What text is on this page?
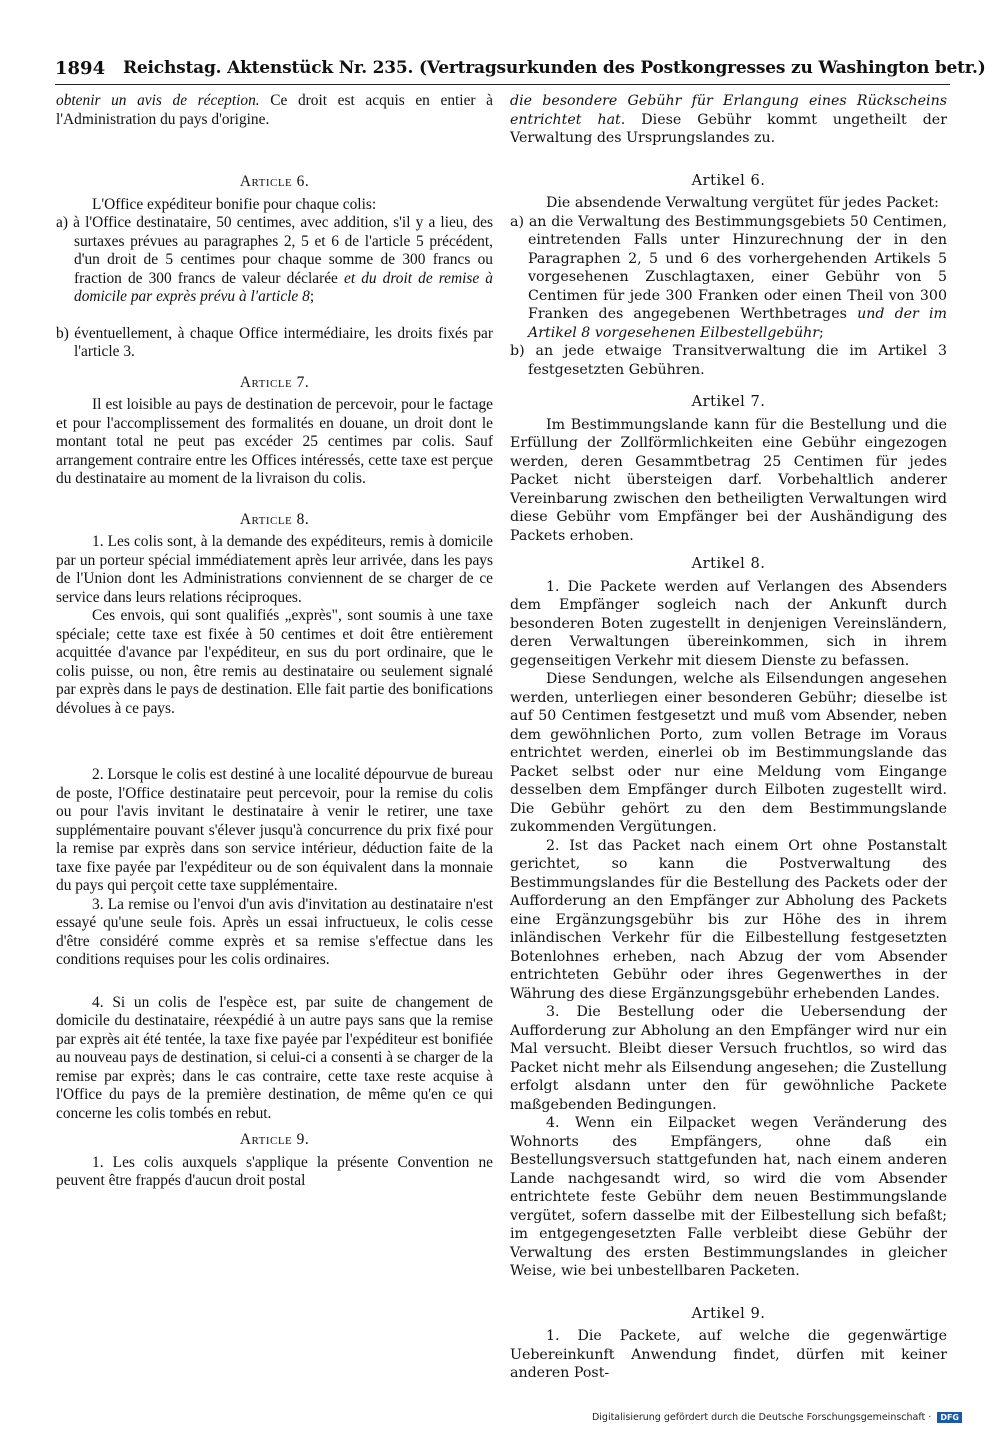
1894 Reichstag. Aktenstück Nr. 235. (Vertragsurkunden des Postkongresses zu Washington betr.)

obtenir un avis de réception. Ce droit est acquis en entier à l'Administration du pays d'origine.

Article 6.

L'Office expéditeur bonifie pour chaque colis:

a) à l'Office destinataire, 50 centimes, avec addition, s'il y a lieu, des surtaxes prévues au paragraphes 2, 5 et 6 de l'article 5 précédent, d'un droit de 5 centimes pour chaque somme de 300 francs ou fraction de 300 francs de valeur déclarée et du droit de remise à domicile par exprès prévu à l'article 8;

b) éventuellement, à chaque Office intermédiaire, les droits fixés par l'article 3.

Article 7.

Il est loisible au pays de destination de percevoir, pour le factage et pour l'accomplissement des formalités en douane, un droit dont le montant total ne peut pas excéder 25 centimes par colis. Sauf arrangement contraire entre les Offices intéressés, cette taxe est perçue du destinataire au moment de la livraison du colis.

Article 8.

1. Les colis sont, à la demande des expéditeurs, remis à domicile par un porteur spécial immédiatement après leur arrivée, dans les pays de l'Union dont les Administrations conviennent de se charger de ce service dans leurs relations réciproques.

Ces envois, qui sont qualifiés „exprès", sont soumis à une taxe spéciale; cette taxe est fixée à 50 centimes et doit être entièrement acquittée d'avance par l'expéditeur, en sus du port ordinaire, que le colis puisse, ou non, être remis au destinataire ou seulement signalé par exprès dans le pays de destination. Elle fait partie des bonifications dévolues à ce pays.

2. Lorsque le colis est destiné à une localité dépourvue de bureau de poste, l'Office destinataire peut percevoir, pour la remise du colis ou pour l'avis invitant le destinataire à venir le retirer, une taxe supplémentaire pouvant s'élever jusqu'à concurrence du prix fixé pour la remise par exprès dans son service intérieur, déduction faite de la taxe fixe payée par l'expéditeur ou de son équivalent dans la monnaie du pays qui perçoit cette taxe supplémentaire.

3. La remise ou l'envoi d'un avis d'invitation au destinataire n'est essayé qu'une seule fois. Après un essai infructueux, le colis cesse d'être considéré comme exprès et sa remise s'effectue dans les conditions requises pour les colis ordinaires.

4. Si un colis de l'espèce est, par suite de changement de domicile du destinataire, réexpédié à un autre pays sans que la remise par exprès ait été tentée, la taxe fixe payée par l'expéditeur est bonifiée au nouveau pays de destination, si celui-ci a consenti à se charger de la remise par exprès; dans le cas contraire, cette taxe reste acquise à l'Office du pays de la première destination, de même qu'en ce qui concerne les colis tombés en rebut.

Article 9.

1. Les colis auxquels s'applique la présente Convention ne peuvent être frappés d'aucun droit postal

die besondere Gebühr für Erlangung eines Rückscheins entrichtet hat. Diese Gebühr kommt ungetheilt der Verwaltung des Ursprungslandes zu.

Artikel 6.

Die absendende Verwaltung vergütet für jedes Packet:

a) an die Verwaltung des Bestimmungsgebiets 50 Centimen, eintretenden Falls unter Hinzurechnung der in den Paragraphen 2, 5 und 6 des vorhergehenden Artikels 5 vorgesehenen Zuschlagtaxen, einer Gebühr von 5 Centimen für jede 300 Franken oder einen Theil von 300 Franken des angegebenen Werthbetrages und der im Artikel 8 vorgesehenen Eilbestellgebühr;

b) an jede etwaige Transitverwaltung die im Artikel 3 festgesetzten Gebühren.

Artikel 7.

Im Bestimmungslande kann für die Bestellung und die Erfüllung der Zollförmlichkeiten eine Gebühr eingezogen werden, deren Gesammtbetrag 25 Centimen für jedes Packet nicht übersteigen darf. Vorbehaltlich anderer Vereinbarung zwischen den betheiligten Verwaltungen wird diese Gebühr vom Empfänger bei der Aushändigung des Packets erhoben.

Artikel 8.

1. Die Packete werden auf Verlangen des Absenders dem Empfänger sogleich nach der Ankunft durch besonderen Boten zugestellt in denjenigen Vereinsländern, deren Verwaltungen übereinkommen, sich in ihrem gegenseitigen Verkehr mit diesem Dienste zu befassen.

Diese Sendungen, welche als Eilsendungen angesehen werden, unterliegen einer besonderen Gebühr; dieselbe ist auf 50 Centimen festgesetzt und muß vom Absender, neben dem gewöhnlichen Porto, zum vollen Betrage im Voraus entrichtet werden, einerlei ob im Bestimmungslande das Packet selbst oder nur eine Meldung vom Eingange desselben dem Empfänger durch Eilboten zugestellt wird. Die Gebühr gehört zu den dem Bestimmungslande zukommenden Vergütungen.

2. Ist das Packet nach einem Ort ohne Postanstalt gerichtet, so kann die Postverwaltung des Bestimmungslandes für die Bestellung des Packets oder der Aufforderung an den Empfänger zur Abholung des Packets eine Ergänzungsgebühr bis zur Höhe des in ihrem inländischen Verkehr für die Eilbestellung festgesetzten Botenlohnes erheben, nach Abzug der vom Absender entrichteten Gebühr oder ihres Gegenwerthes in der Währung des diese Ergänzungsgebühr erhebenden Landes.

3. Die Bestellung oder die Uebersendung der Aufforderung zur Abholung an den Empfänger wird nur ein Mal versucht. Bleibt dieser Versuch fruchtlos, so wird das Packet nicht mehr als Eilsendung angesehen; die Zustellung erfolgt alsdann unter den für gewöhnliche Packete maßgebenden Bedingungen.

4. Wenn ein Eilpacket wegen Veränderung des Wohnorts des Empfängers, ohne daß ein Bestellungsversuch stattgefunden hat, nach einem anderen Lande nachgesandt wird, so wird die vom Absender entrichtete feste Gebühr dem neuen Bestimmungslande vergütet, sofern dasselbe mit der Eilbestellung sich befaßt; im entgegengesetzten Falle verbleibt diese Gebühr der Verwaltung des ersten Bestimmungslandes in gleicher Weise, wie bei unbestellbaren Packeten.

Artikel 9.

1. Die Packete, auf welche die gegenwärtige Uebereinkunft Anwendung findet, dürfen mit keiner anderen Post-

Digitalisierung gefördert durch die Deutsche Forschungsgemeinschaft · DFG
